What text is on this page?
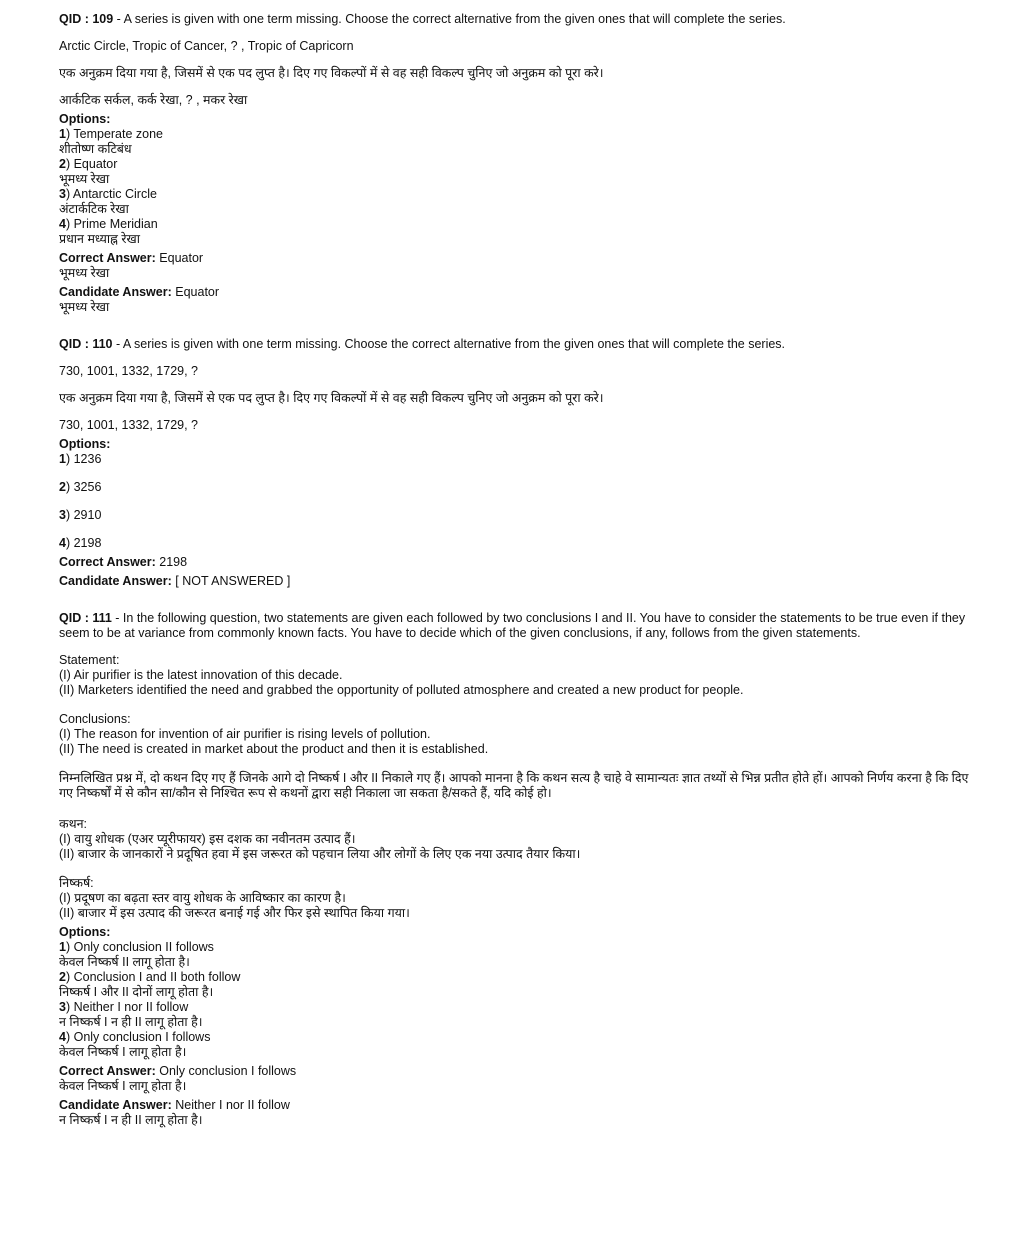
QID : 109 - A series is given with one term missing. Choose the correct alternative from the given ones that will complete the series.

Arctic Circle, Tropic of Cancer, ? , Tropic of Capricorn

एक अनुक्रम दिया गया है, जिसमें से एक पद लुप्त है। दिए गए विकल्पों में से वह सही विकल्प चुनिए जो अनुक्रम को पूरा करे।

आर्कटिक सर्कल, कर्क रेखा, ? , मकर रेखा

Options:

1) Temperate zone
शीतोष्ण कटिबंध
2) Equator
भूमध्य रेखा
3) Antarctic Circle
अंटार्कटिक रेखा
4) Prime Meridian
प्रधान मध्याह्न रेखा
Correct Answer: Equator
भूमध्य रेखा
Candidate Answer: Equator
भूमध्य रेखा

QID : 110 - A series is given with one term missing. Choose the correct alternative from the given ones that will complete the series.

730, 1001, 1332, 1729, ?

एक अनुक्रम दिया गया है, जिसमें से एक पद लुप्त है। दिए गए विकल्पों में से वह सही विकल्प चुनिए जो अनुक्रम को पूरा करे।

730, 1001, 1332, 1729, ?

Options:

1) 1236
2) 3256
3) 2910
4) 2198
Correct Answer: 2198
Candidate Answer: [ NOT ANSWERED ]

QID : 111 - In the following question, two statements are given each followed by two conclusions I and II. You have to consider the statements to be true even if they seem to be at variance from commonly known facts. You have to decide which of the given conclusions, if any, follows from the given statements.

Statement:
(I) Air purifier is the latest innovation of this decade.
(II) Marketers identified the need and grabbed the opportunity of polluted atmosphere and created a new product for people.
Conclusions:
(I) The reason for invention of air purifier is rising levels of pollution.
(II) The need is created in market about the product and then it is established.

निम्नलिखित प्रश्न में, दो कथन दिए गए हैं जिनके आगे दो निष्कर्ष I और II निकाले गए हैं। आपको मानना है कि कथन सत्य है चाहे वे सामान्यतः ज्ञात तथ्यों से भिन्न प्रतीत होते हों। आपको निर्णय करना है कि दिए गए निष्कर्षों में से कौन सा/कौन से निश्चित रूप से कथनों द्वारा सही निकाला जा सकता है/सकते हैं, यदि कोई हो।

कथन:
(I) वायु शोधक (एअर प्यूरीफायर) इस दशक का नवीनतम उत्पाद हैं।
(II) बाजार के जानकारों ने प्रदूषित हवा में इस जरूरत को पहचान लिया और लोगों के लिए एक नया उत्पाद तैयार किया।
निष्कर्ष:
(I) प्रदूषण का बढ़ता स्तर वायु शोधक के आविष्कार का कारण है।
(II) बाजार में इस उत्पाद की जरूरत बनाई गई और फिर इसे स्थापित किया गया।

Options:

1) Only conclusion II follows
केवल निष्कर्ष II लागू होता है।
2) Conclusion I and II both follow
निष्कर्ष I और II दोनों लागू होता है।
3) Neither I nor II follow
न निष्कर्ष I न ही II लागू होता है।
4) Only conclusion I follows
केवल निष्कर्ष I लागू होता है।
Correct Answer: Only conclusion I follows
केवल निष्कर्ष I लागू होता है।
Candidate Answer: Neither I nor II follow
न निष्कर्ष I न ही II लागू होता है।
